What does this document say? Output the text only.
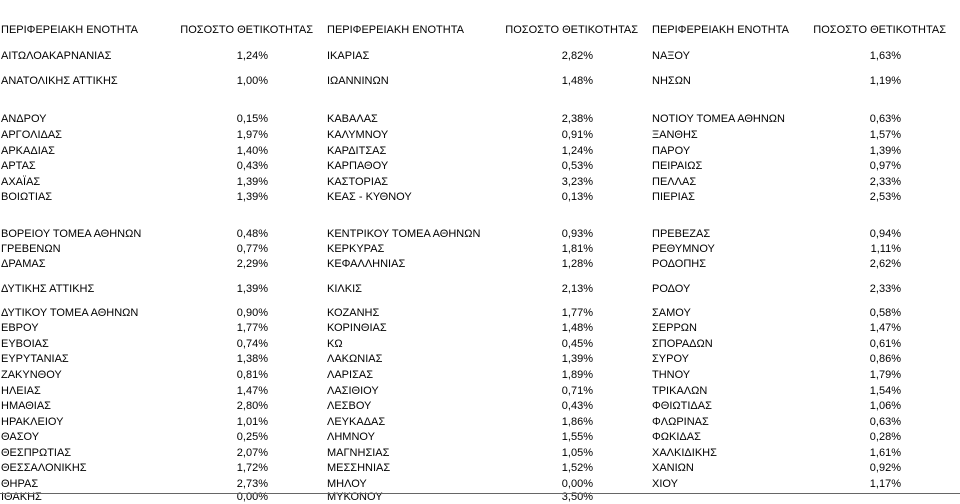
ΠΕΡΙΦΕΡΕΙΑΚΗ ΕΝΟΤΗΤΑ	ΠΟΣΟΣΤΟ ΘΕΤΙΚΟΤΗΤΑΣ ΠΕΡΙΦΕΡΕΙΑΚΗ ΕΝΟΤΗΤΑ	ΠΟΣΟΣΤΟ ΘΕΤΙΚΟΤΗΤΑΣ ΠΕΡΙΦΕΡΕΙΑΚΗ ΕΝΟΤΗΤΑ	ΠΟΣΟΣΤΟ ΘΕΤΙΚΟΤΗΤΑΣ
ΑΙΤΩΛΟΑΚΑΡΝΑΝΙΑΣ	1,24%
ΑΝΑΤΟΛΙΚΗΣ ΑΤΤΙΚΗΣ	1,00%
ΑΝΔΡΟΥ	0,15%
ΑΡΓΟΛΙΔΑΣ	1,97%
ΑΡΚΑΔΙΑΣ	1,40%
ΑΡΤΑΣ	0,43%
ΑΧΑΪΑΣ	1,39%
ΒΟΙΩΤΙΑΣ	1,39%
ΒΟΡΕΙΟΥ ΤΟΜΕΑ ΑΘΗΝΩΝ	0,48%
ΓΡΕΒΕΝΩΝ	0,77%
ΔΡΑΜΑΣ	2,29%
ΔΥΤΙΚΗΣ ΑΤΤΙΚΗΣ	1,39%
ΔΥΤΙΚΟΥ ΤΟΜΕΑ ΑΘΗΝΩΝ	0,90%
ΕΒΡΟΥ	1,77%
ΕΥΒΟΙΑΣ	0,74%
ΕΥΡΥΤΑΝΙΑΣ	1,38%
ΖΑΚΥΝΘΟΥ	0,81%
ΗΛΕΙΑΣ	1,47%
ΗΜΑΘΙΑΣ	2,80%
ΗΡΑΚΛΕΙΟΥ	1,01%
ΘΑΣΟΥ	0,25%
ΘΕΣΠΡΩΤΙΑΣ	2,07%
ΘΕΣΣΑΛΟΝΙΚΗΣ	1,72%
ΘΗΡΑΣ	2,73%
ΙΘΑΚΗΣ	0,00%
ΙΚΑΡΙΑΣ	2,82%
ΙΩΑΝΝΙΝΩΝ	1,48%
ΚΑΒΑΛΑΣ	2,38%
ΚΑΛΥΜΝΟΥ	0,91%
ΚΑΡΔΙΤΣΑΣ	1,24%
ΚΑΡΠΑΘΟΥ	0,53%
ΚΑΣΤΟΡΙΑΣ	3,23%
ΚΕΑΣ - ΚΥΘΝΟΥ	0,13%
ΚΕΝΤΡΙΚΟΥ ΤΟΜΕΑ ΑΘΗΝΩΝ	0,93%
ΚΕΡΚΥΡΑΣ	1,81%
ΚΕΦΑΛΛΗΝΙΑΣ	1,28%
ΚΙΛΚΙΣ	2,13%
ΚΟΖΑΝΗΣ	1,77%
ΚΟΡΙΝΘΙΑΣ	1,48%
ΚΩ	0,45%
ΛΑΚΩΝΙΑΣ	1,39%
ΛΑΡΙΣΑΣ	1,89%
ΛΑΣΙΘΙΟΥ	0,71%
ΛΕΣΒΟΥ	0,43%
ΛΕΥΚΑΔΑΣ	1,86%
ΛΗΜΝΟΥ	1,55%
ΜΑΓΝΗΣΙΑΣ	1,05%
ΜΕΣΣΗΝΙΑΣ	1,52%
ΜΗΛΟΥ	0,00%
ΜΥΚΟΝΟΥ	3,50%
ΝΑΞΟΥ	1,63%
ΝΗΣΩΝ	1,19%
ΝΟΤΙΟΥ ΤΟΜΕΑ ΑΘΗΝΩΝ	0,63%
ΞΑΝΘΗΣ	1,57%
ΠΑΡΟΥ	1,39%
ΠΕΙΡΑΙΩΣ	0,97%
ΠΕΛΛΑΣ	2,33%
ΠΙΕΡΙΑΣ	2,53%
ΠΡΕΒΕΖΑΣ	0,94%
ΡΕΘΥΜΝΟΥ	1,11%
ΡΟΔΟΠΗΣ	2,62%
ΡΟΔΟΥ	2,33%
ΣΑΜΟΥ	0,58%
ΣΕΡΡΩΝ	1,47%
ΣΠΟΡΑΔΩΝ	0,61%
ΣΥΡΟΥ	0,86%
ΤΗΝΟΥ	1,79%
ΤΡΙΚΑΛΩΝ	1,54%
ΦΘΙΩΤΙΔΑΣ	1,06%
ΦΛΩΡΙΝΑΣ	0,63%
ΦΩΚΙΔΑΣ	0,28%
ΧΑΛΚΙΔΙΚΗΣ	1,61%
ΧΑΝΙΩΝ	0,92%
ΧΙΟΥ	1,17%
